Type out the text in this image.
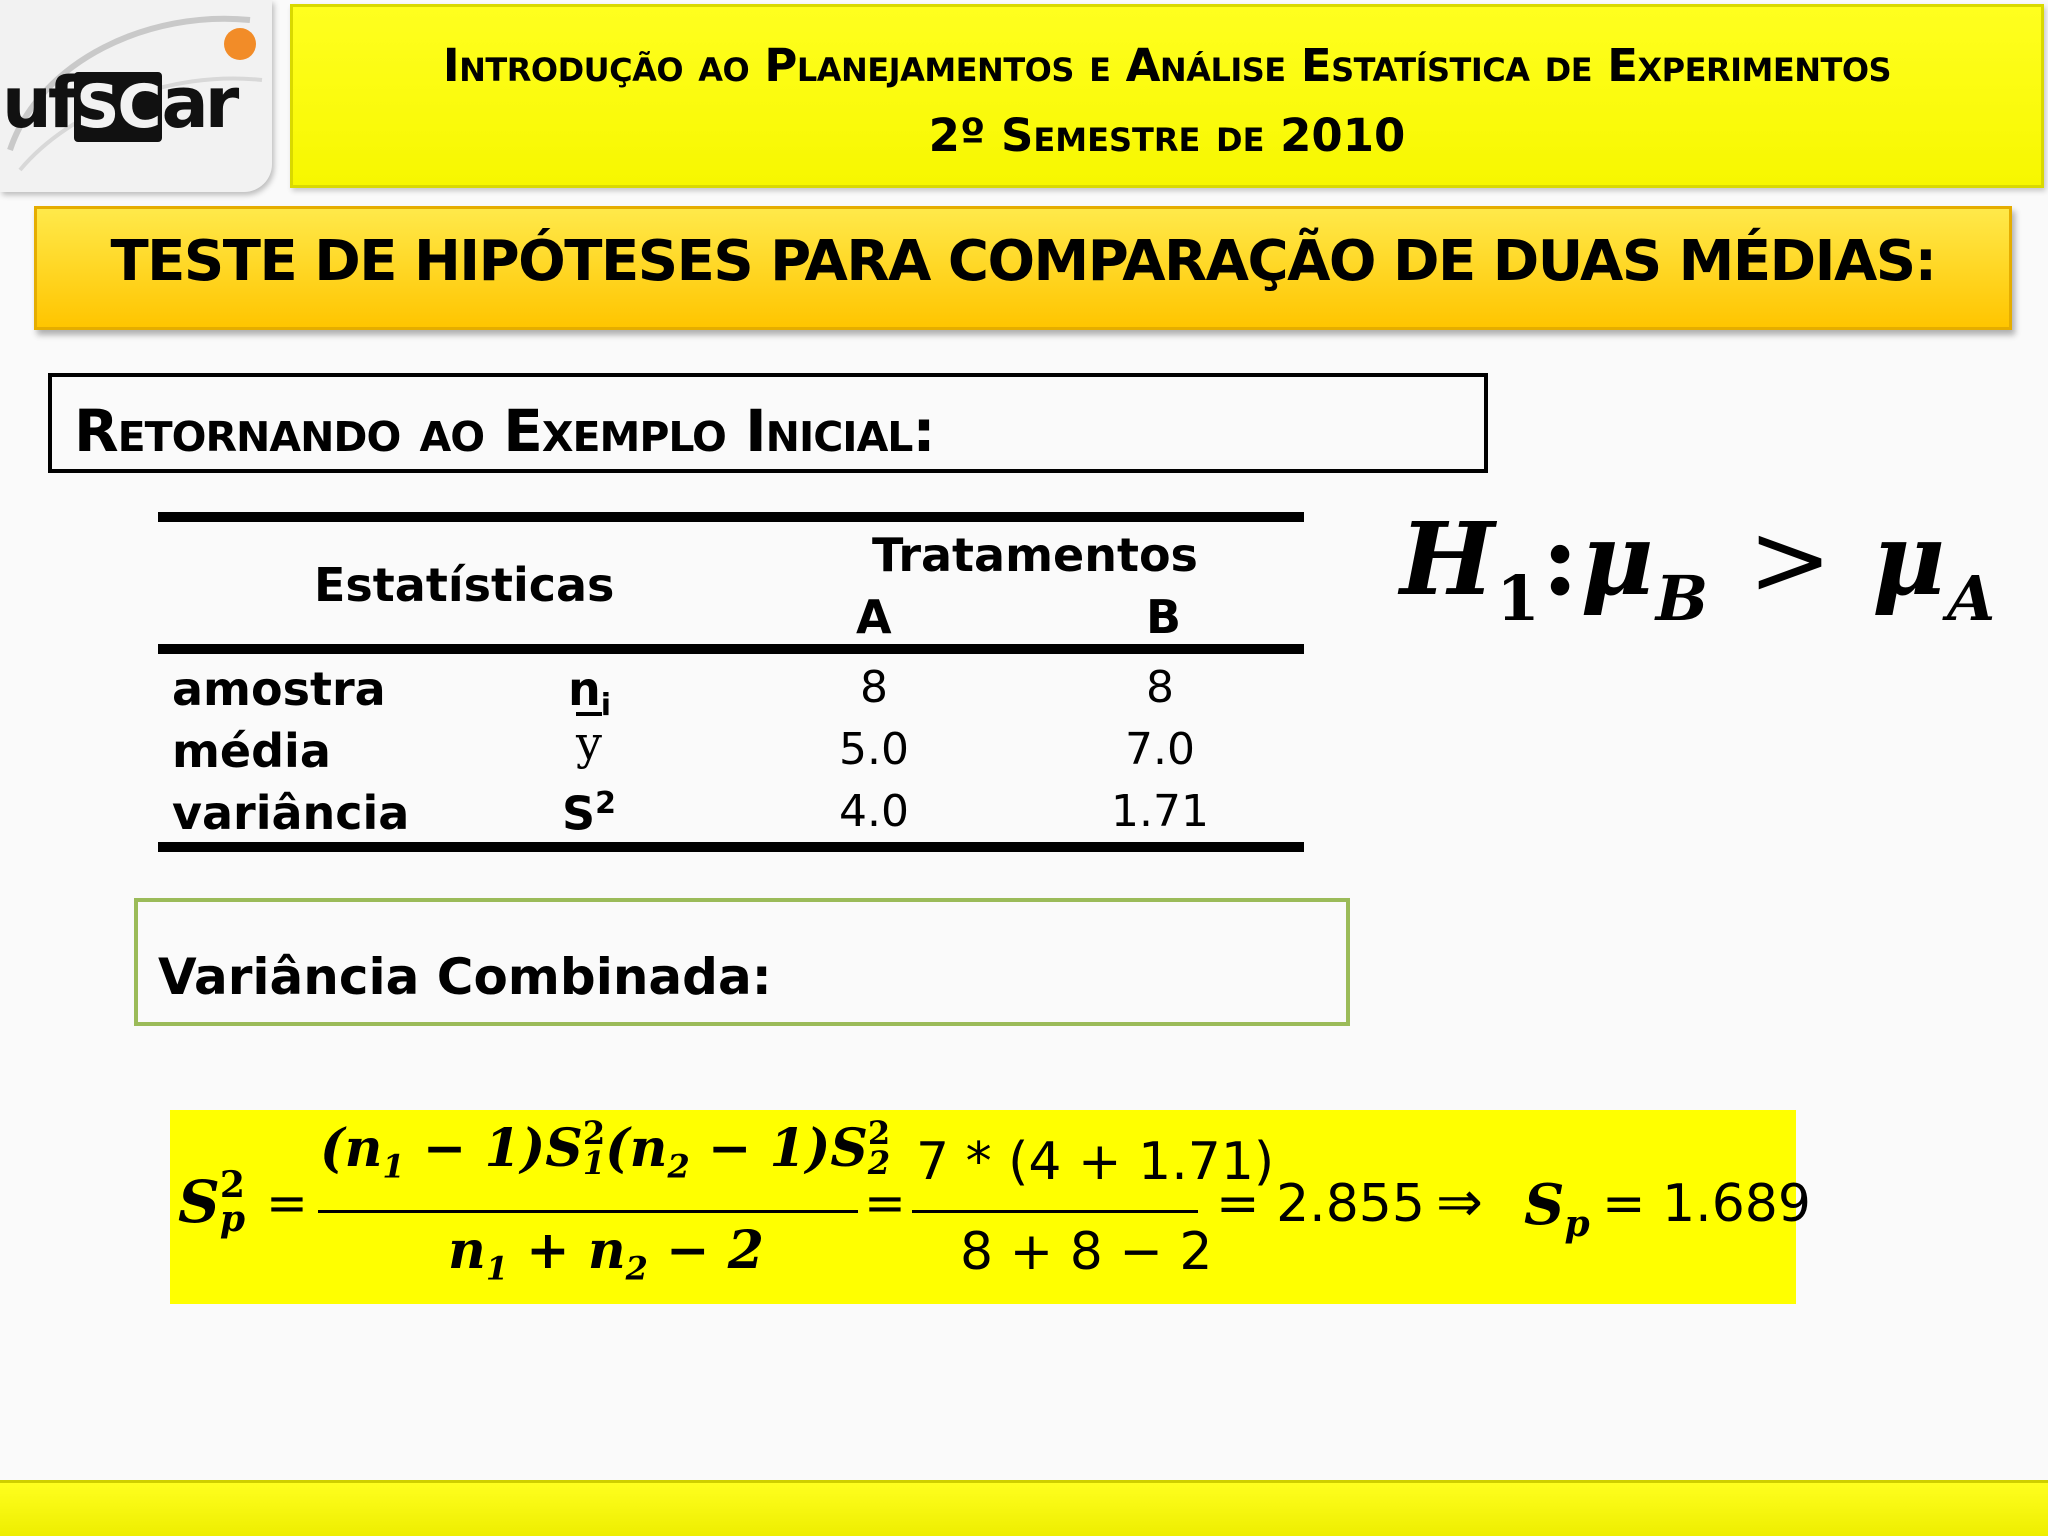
ufSCar	Introdução ao Planejamentos e Análise Estatística de Experimentos
2º Semestre de 2010
TESTE DE HIPÓTESES PARA COMPARAÇÃO DE DUAS MÉDIAS:
Retornando ao Exemplo Inicial:
Estatísticas
Tratamentos
A	B
amostra	$n_i$	8	8
média	$\overline{y}$	5.0	7.0
variância	$S^2$	4.0	1.71
$H_1:\mu_B > \mu_A$
Variância Combinada:
S 2
p =
$(n_1 - 1)S$ 2
1 $(n_2 - 1)S$ 2
2
$n_1 + n_2 - 2$
=
7 * (4 + 1.71)
8 + 8 − 2
= 2.855 ⇒ $S_p = 1.689$
